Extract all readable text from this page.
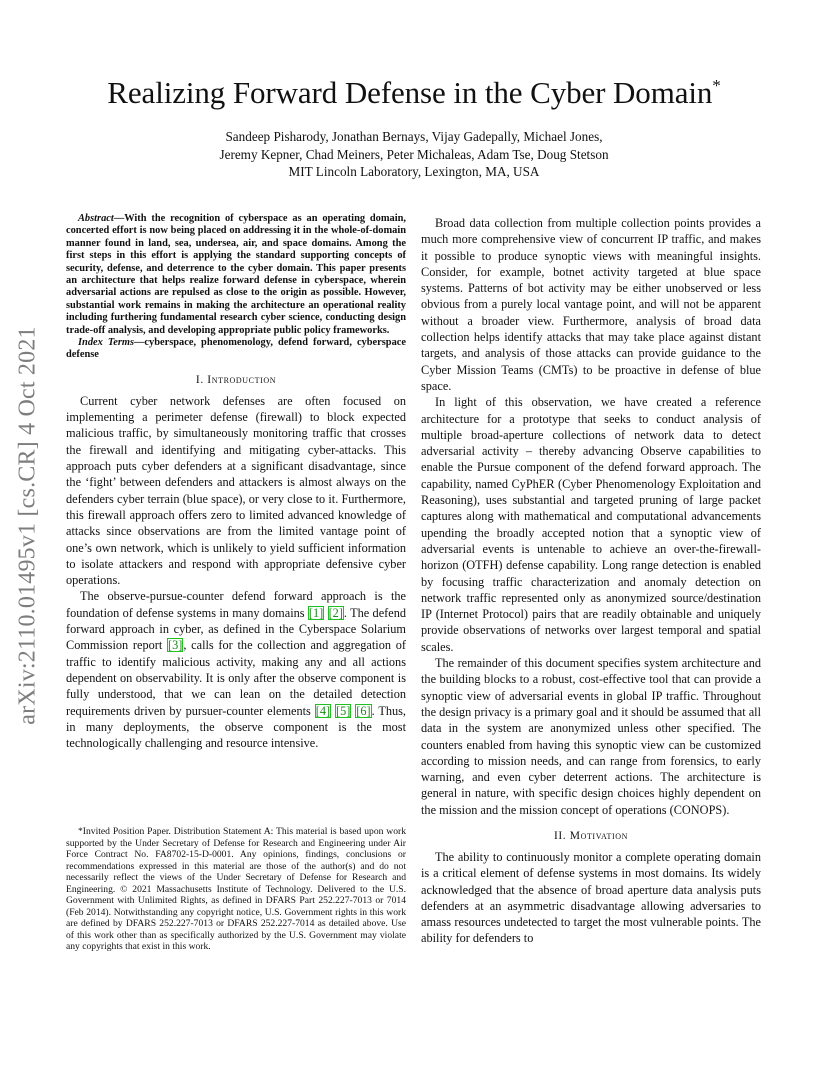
arXiv:2110.01495v1 [cs.CR] 4 Oct 2021
Realizing Forward Defense in the Cyber Domain*
Sandeep Pisharody, Jonathan Bernays, Vijay Gadepally, Michael Jones,
Jeremy Kepner, Chad Meiners, Peter Michaleas, Adam Tse, Doug Stetson
MIT Lincoln Laboratory, Lexington, MA, USA

Abstract—With the recognition of cyberspace as an operating domain, concerted effort is now being placed on addressing it in the whole-of-domain manner found in land, sea, undersea, air, and space domains. Among the first steps in this effort is applying the standard supporting concepts of security, defense, and deterrence to the cyber domain. This paper presents an architecture that helps realize forward defense in cyberspace, wherein adversarial actions are repulsed as close to the origin as possible. However, substantial work remains in making the architecture an operational reality including furthering fundamental research cyber science, conducting design trade-off analysis, and developing appropriate public policy frameworks.

Index Terms—cyberspace, phenomenology, defend forward, cyberspace defense

I. Introduction

Current cyber network defenses are often focused on implementing a perimeter defense (firewall) to block expected malicious traffic, by simultaneously monitoring traffic that crosses the firewall and identifying and mitigating cyber-attacks. This approach puts cyber defenders at a significant disadvantage, since the ‘fight’ between defenders and attackers is almost always on the defenders cyber terrain (blue space), or very close to it. Furthermore, this firewall approach offers zero to limited advanced knowledge of attacks since observations are from the limited vantage point of one’s own network, which is unlikely to yield sufficient information to isolate attackers and respond with appropriate defensive cyber operations.

The observe-pursue-counter defend forward approach is the foundation of defense systems in many domains [1] [2]. The defend forward approach in cyber, as defined in the Cyberspace Solarium Commission report [3], calls for the collection and aggregation of traffic to identify malicious activity, making any and all actions dependent on observability. It is only after the observe component is fully understood, that we can lean on the detailed detection requirements driven by pursuer-counter elements [4] [5] [6]. Thus, in many deployments, the observe component is the most technologically challenging and resource intensive.

*Invited Position Paper. Distribution Statement A: This material is based upon work supported by the Under Secretary of Defense for Research and Engineering under Air Force Contract No. FA8702-15-D-0001. Any opinions, findings, conclusions or recommendations expressed in this material are those of the author(s) and do not necessarily reflect the views of the Under Secretary of Defense for Research and Engineering. © 2021 Massachusetts Institute of Technology. Delivered to the U.S. Government with Unlimited Rights, as defined in DFARS Part 252.227-7013 or 7014 (Feb 2014). Notwithstanding any copyright notice, U.S. Government rights in this work are defined by DFARS 252.227-7013 or DFARS 252.227-7014 as detailed above. Use of this work other than as specifically authorized by the U.S. Government may violate any copyrights that exist in this work.

Broad data collection from multiple collection points provides a much more comprehensive view of concurrent IP traffic, and makes it possible to produce synoptic views with meaningful insights. Consider, for example, botnet activity targeted at blue space systems. Patterns of bot activity may be either unobserved or less obvious from a purely local vantage point, and will not be apparent without a broader view. Furthermore, analysis of broad data collection helps identify attacks that may take place against distant targets, and analysis of those attacks can provide guidance to the Cyber Mission Teams (CMTs) to be proactive in defense of blue space.

In light of this observation, we have created a reference architecture for a prototype that seeks to conduct analysis of multiple broad-aperture collections of network data to detect adversarial activity – thereby advancing Observe capabilities to enable the Pursue component of the defend forward approach. The capability, named CyPhER (Cyber Phenomenology Exploitation and Reasoning), uses substantial and targeted pruning of large packet captures along with mathematical and computational advancements upending the broadly accepted notion that a synoptic view of adversarial events is untenable to achieve an over-the-firewall-horizon (OTFH) defense capability. Long range detection is enabled by focusing traffic characterization and anomaly detection on network traffic represented only as anonymized source/destination IP (Internet Protocol) pairs that are readily obtainable and uniquely provide observations of networks over largest temporal and spatial scales.

The remainder of this document specifies system architecture and the building blocks to a robust, cost-effective tool that can provide a synoptic view of adversarial events in global IP traffic. Throughout the design privacy is a primary goal and it should be assumed that all data in the system are anonymized unless other specified. The counters enabled from having this synoptic view can be customized according to mission needs, and can range from forensics, to early warning, and even cyber deterrent actions. The architecture is general in nature, with specific design choices highly dependent on the mission and the mission concept of operations (CONOPS).

II. Motivation

The ability to continuously monitor a complete operating domain is a critical element of defense systems in most domains. Its widely acknowledged that the absence of broad aperture data analysis puts defenders at an asymmetric disadvantage allowing adversaries to amass resources undetected to target the most vulnerable points. The ability for defenders to
